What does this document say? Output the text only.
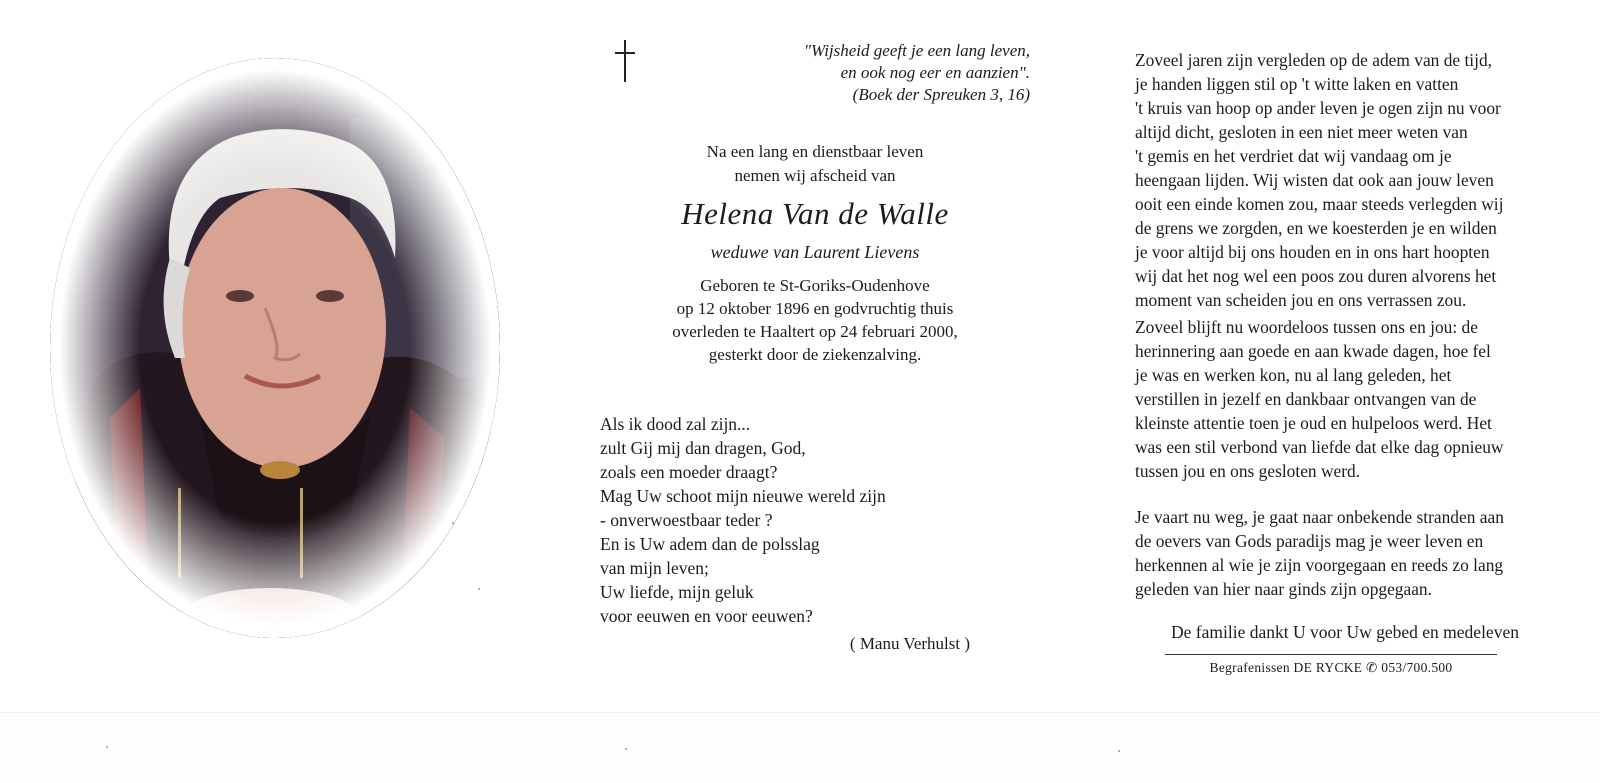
"Wijsheid geeft je een lang leven,
en ook nog eer en aanzien".
(Boek der Spreuken 3, 16)
Na een lang en dienstbaar leven
nemen wij afscheid van
Helena Van de Walle
weduwe van Laurent Lievens
Geboren te St-Goriks-Oudenhove
op 12 oktober 1896 en godvruchtig thuis
overleden te Haaltert op 24 februari 2000,
gesterkt door de ziekenzalving.
Als ik dood zal zijn...
zult Gij mij dan dragen, God,
zoals een moeder draagt?
Mag Uw schoot mijn nieuwe wereld zijn
- onverwoestbaar teder ?
En is Uw adem dan de polsslag
van mijn leven;
Uw liefde, mijn geluk
voor eeuwen en voor eeuwen?
( Manu Verhulst )
Zoveel jaren zijn vergleden op de adem van de tijd,
je handen liggen stil op 't witte laken en vatten
't kruis van hoop op ander leven je ogen zijn nu voor
altijd dicht, gesloten in een niet meer weten van
't gemis en het verdriet dat wij vandaag om je
heengaan lijden. Wij wisten dat ook aan jouw leven
ooit een einde komen zou, maar steeds verlegden wij
de grens we zorgden, en we koesterden je en wilden
je voor altijd bij ons houden en in ons hart hoopten
wij dat het nog wel een poos zou duren alvorens het
moment van scheiden jou en ons verrassen zou.
Zoveel blijft nu woordeloos tussen ons en jou: de
herinnering aan goede en aan kwade dagen, hoe fel
je was en werken kon, nu al lang geleden, het
verstillen in jezelf en dankbaar ontvangen van de
kleinste attentie toen je oud en hulpeloos werd. Het
was een stil verbond van liefde dat elke dag opnieuw
tussen jou en ons gesloten werd.
Je vaart nu weg, je gaat naar onbekende stranden aan
de oevers van Gods paradijs mag je weer leven en
herkennen al wie je zijn voorgegaan en reeds zo lang
geleden van hier naar ginds zijn opgegaan.
De familie dankt U voor Uw gebed en medeleven
Begrafenissen DE RYCKE ✆ 053/700.500
